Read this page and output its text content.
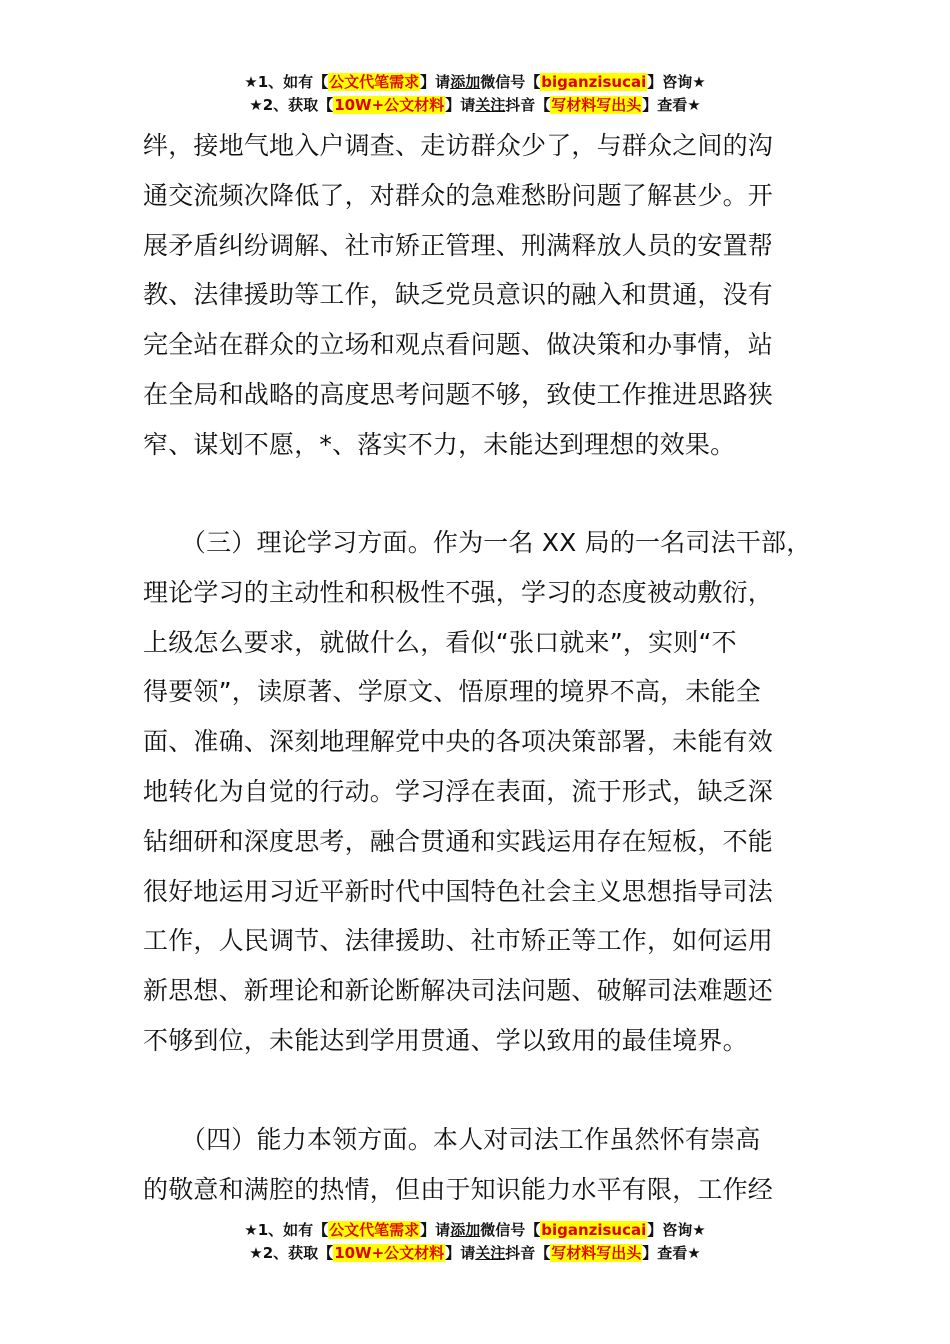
★1、如有【公文代笔需求】请添加微信号【biganzisucai】咨询★
★2、获取【10W+公文材料】请关注抖音【写材料写出头】查看★
绊，接地气地入户调查、走访群众少了，与群众之间的沟
通交流频次降低了，对群众的急难愁盼问题了解甚少。开
展矛盾纠纷调解、社市矫正管理、刑满释放人员的安置帮
教、法律援助等工作，缺乏党员意识的融入和贯通，没有
完全站在群众的立场和观点看问题、做决策和办事情，站
在全局和战略的高度思考问题不够，致使工作推进思路狭
窄、谋划不愿，*、落实不力，未能达到理想的效果。
　　（三）理论学习方面。作为一名 XX 局的一名司法干部，
理论学习的主动性和积极性不强，学习的态度被动敷衍，
上级怎么要求，就做什么，看似“张口就来”，实则“不
得要领”，读原著、学原文、悟原理的境界不高，未能全
面、准确、深刻地理解党中央的各项决策部署，未能有效
地转化为自觉的行动。学习浮在表面，流于形式，缺乏深
钻细研和深度思考，融合贯通和实践运用存在短板，不能
很好地运用习近平新时代中国特色社会主义思想指导司法
工作，人民调节、法律援助、社市矫正等工作，如何运用
新思想、新理论和新论断解决司法问题、破解司法难题还
不够到位，未能达到学用贯通、学以致用的最佳境界。
　　（四）能力本领方面。本人对司法工作虽然怀有崇高
的敬意和满腔的热情，但由于知识能力水平有限，工作经
★1、如有【公文代笔需求】请添加微信号【biganzisucai】咨询★
★2、获取【10W+公文材料】请关注抖音【写材料写出头】查看★
